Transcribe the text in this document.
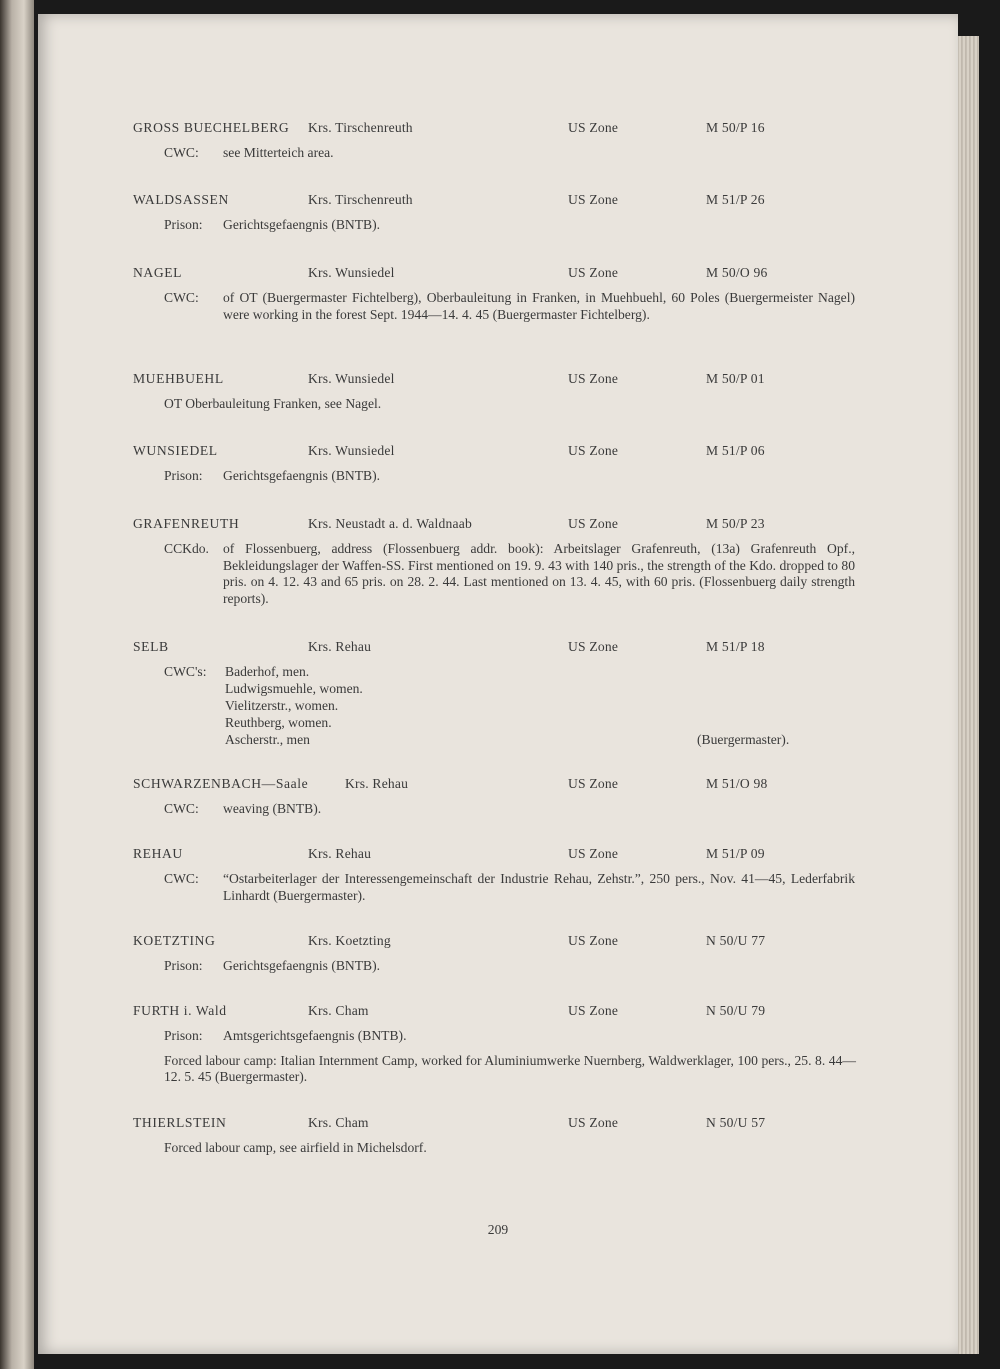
GROSS BUECHELBERG Krs. Tirschenreuth	US Zone	M 50/P 16
CWC: see Mitterteich area.
WALDSASSEN	Krs. Tirschenreuth	US Zone	M 51/P 26
Prison: Gerichtsgefaengnis (BNTB).
NAGEL	Krs. Wunsiedel	US Zone	M 50/O 96
CWC: of OT (Buergermaster Fichtelberg), Oberbauleitung in Franken, in Muehbuehl, 60 Poles (Buergermeister Nagel) were working in the forest Sept. 1944—14. 4. 45 (Buergermaster Fichtelberg).
MUEHBUEHL	Krs. Wunsiedel	US Zone	M 50/P 01
OT Oberbauleitung Franken, see Nagel.
WUNSIEDEL	Krs. Wunsiedel	US Zone	M 51/P 06
Prison: Gerichtsgefaengnis (BNTB).
GRAFENREUTH	Krs. Neustadt a. d. Waldnaab	US Zone	M 50/P 23
CCKdo. of Flossenbuerg, address (Flossenbuerg addr. book): Arbeitslager Grafenreuth, (13a) Grafenreuth Opf., Bekleidungslager der Waffen-SS. First mentioned on 19. 9. 43 with 140 pris., the strength of the Kdo. dropped to 80 pris. on 4. 12. 43 and 65 pris. on 28. 2. 44. Last mentioned on 13. 4. 45, with 60 pris. (Flossenbuerg daily strength reports).
SELB	Krs. Rehau	US Zone	M 51/P 18
CWC's: Baderhof, men.
Ludwigsmuehle, women.
Vielitzerstr., women.
Reuthberg, women.
Ascherstr., men	(Buergermaster).
SCHWARZENBACH—Saale	Krs. Rehau	US Zone	M 51/O 98
CWC: weaving (BNTB).
REHAU	Krs. Rehau	US Zone	M 51/P 09
CWC: “Ostarbeiterlager der Interessengemeinschaft der Industrie Rehau, Zehstr.”, 250 pers., Nov. 41—45, Lederfabrik Linhardt (Buergermaster).
KOETZTING	Krs. Koetzting	US Zone	N 50/U 77
Prison: Gerichtsgefaengnis (BNTB).
FURTH i. Wald	Krs. Cham	US Zone	N 50/U 79
Prison: Amtsgerichtsgefaengnis (BNTB).
Forced labour camp: Italian Internment Camp, worked for Aluminiumwerke Nuernberg, Waldwerklager, 100 pers., 25. 8. 44—12. 5. 45 (Buergermaster).
THIERLSTEIN	Krs. Cham	US Zone	N 50/U 57
Forced labour camp, see airfield in Michelsdorf.
209
